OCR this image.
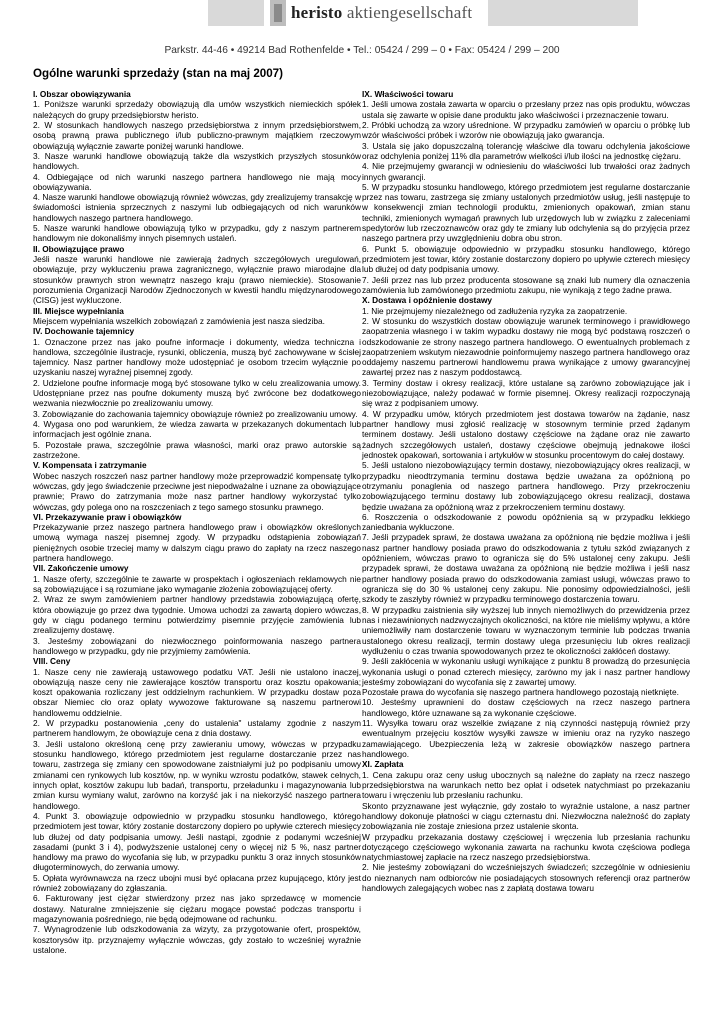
heristo aktiengesellschaft
Parkstr. 44-46 • 49214 Bad Rothenfelde • Tel.: 05424 / 299 – 0 • Fax: 05424 / 299 – 200
Ogólne warunki sprzedaży (stan na maj 2007)

I. Obszar obowiązywania

1. Poniższe warunki sprzedaży obowiązują dla umów wszystkich niemieckich spółek należących do grupy przedsiębiorstw heristo.

2. W stosunkach handlowych naszego przedsiębiorstwa z innym przedsiębiorstwem, osobą prawną prawa publicznego i/lub publiczno-prawnym majątkiem rzeczowym obowiązują wyłącznie zawarte poniżej warunki handlowe.

3. Nasze warunki handlowe obowiązują także dla wszystkich przyszłych stosunków handlowych.

4. Odbiegające od nich warunki naszego partnera handlowego nie mają mocy obowiązywania.

4. Nasze warunki handlowe obowiązują również wówczas, gdy zrealizujemy transakcję w świadomości istnienia sprzecznych z naszymi lub odbiegających od nich warunków handlowych naszego partnera handlowego.

5. Nasze warunki handlowe obowiązują tylko w przypadku, gdy z naszym partnerem handlowym nie dokonaliśmy innych pisemnych ustaleń.

II. Obowiązujące prawo

Jeśli nasze warunki handlowe nie zawierają żadnych szczegółowych uregulowań, obowiązuje, przy wykluczeniu prawa zagranicznego, wyłącznie prawo miarodajne dla stosunków prawnych stron wewnątrz naszego kraju (prawo niemieckie). Stosowanie porozumienia Organizacji Narodów Zjednoczonych w kwestii handlu międzynarodowego (CISG) jest wykluczone.

III. Miejsce wypełniania

Miejscem wypełniania wszelkich zobowiązań z zamówienia jest nasza siedziba.

IV. Dochowanie tajemnicy

1. Oznaczone przez nas jako poufne informacje i dokumenty, wiedza techniczna i handlowa, szczególnie ilustracje, rysunki, obliczenia, muszą być zachowywane w ścisłej tajemnicy. Nasz partner handlowy może udostępniać je osobom trzecim wyłącznie po uzyskaniu naszej wyraźnej pisemnej zgody.

2. Udzielone poufne informacje mogą być stosowane tylko w celu zrealizowania umowy. Udostępniane przez nas poufne dokumenty muszą być zwrócone bez dodatkowego wezwania niezwłocznie po zrealizowaniu umowy.

3. Zobowiązanie do zachowania tajemnicy obowiązuje również po zrealizowaniu umowy.

4. Wygasa ono pod warunkiem, że wiedza zawarta w przekazanych dokumentach lub informacjach jest ogólnie znana.

5. Pozostałe prawa, szczególnie prawa własności, marki oraz prawo autorskie są zastrzeżone.

V. Kompensata i zatrzymanie

Wobec naszych roszczeń nasz partner handlowy może przeprowadzić kompensatę tylko wówczas, gdy jego świadczenie przeciwne jest niepodważalne i uznane za obowiązujące prawnie; Prawo do zatrzymania może nasz partner handlowy wykorzystać tylko wówczas, gdy polega ono na roszczeniach z tego samego stosunku prawnego.

VI. Przekazywanie praw i obowiązków

Przekazywanie przez naszego partnera handlowego praw i obowiązków określonych umową wymaga naszej pisemnej zgody. W przypadku odstąpienia zobowiązań pieniężnych osobie trzeciej mamy w dalszym ciągu prawo do zapłaty na rzecz naszego partnera handlowego.

VII. Zakończenie umowy

1. Nasze oferty, szczególnie te zawarte w prospektach i ogłoszeniach reklamowych nie są zobowiązujące i są rozumiane jako wymaganie złożenia zobowiązującej oferty.

2. Wraz ze swym zamówieniem partner handlowy przedstawia zobowiązującą ofertę, która obowiązuje go przez dwa tygodnie. Umowa uchodzi za zawartą dopiero wówczas, gdy w ciągu podanego terminu potwierdzimy pisemnie przyjęcie zamówienia lub zrealizujemy dostawę.

3. Jesteśmy zobowiązani do niezwłocznego poinformowania naszego partnera handlowego w przypadku, gdy nie przyjmiemy zamówienia.

VIII. Ceny

1. Nasze ceny nie zawierają ustawowego podatku VAT. Jeśli nie ustalono inaczej, obowiązują nasze ceny nie zawierające kosztów transportu oraz kosztu opakowania; koszt opakowania rozliczany jest oddzielnym rachunkiem. W przypadku dostaw poza obszar Niemiec cło oraz opłaty wywozowe fakturowane są naszemu partnerowi handlowemu oddzielnie.

2. W przypadku postanowienia „ceny do ustalenia" ustalamy zgodnie z naszym partnerem handlowym, że obowiązuje cena z dnia dostawy.

3. Jeśli ustalono określoną cenę przy zawieraniu umowy, wówczas w przypadku stosunku handlowego, którego przedmiotem jest regularne dostarczanie przez nas towaru, zastrzega się zmiany cen spowodowane zaistniałymi już po podpisaniu umowy zmianami cen rynkowych lub kosztów, np. w wyniku wzrostu podatków, stawek celnych, innych opłat, kosztów zakupu lub badań, transportu, przeładunku i magazynowania lub zmian kursu wymiany walut, zarówno na korzyść jak i na niekorzyść naszego partnera handlowego.

4. Punkt 3. obowiązuje odpowiednio w przypadku stosunku handlowego, którego przedmiotem jest towar, który zostanie dostarczony dopiero po upływie czterech miesięcy lub dłużej od daty podpisania umowy. Jeśli nastąpi, zgodnie z podanymi wcześniej zasadami (punkt 3 i 4), podwyższenie ustalonej ceny o więcej niż 5 %, nasz partner handlowy ma prawo do wycofania się lub, w przypadku punktu 3 oraz innych stosunków długoterminowych, do zerwania umowy.

5. Opłata wyrównawcza na rzecz ubojni musi być opłacana przez kupującego, który jest również zobowiązany do zgłaszania.

6. Fakturowany jest ciężar stwierdzony przez nas jako sprzedawcę w momencie dostawy. Naturalne zmniejszenie się ciężaru mogące powstać podczas transportu i magazynowania pośredniego, nie będą odejmowane od rachunku.

7. Wynagrodzenie lub odszkodowania za wizyty, za przygotowanie ofert, prospektów, kosztorysów itp. przyznajemy wyłącznie wówczas, gdy zostało to wcześniej wyraźnie ustalone.

IX. Właściwości towaru

1. Jeśli umowa została zawarta w oparciu o przesłany przez nas opis produktu, wówczas ustala się zawarte w opisie dane produktu jako właściwości i przeznaczenie towaru.

2. Próbki uchodzą za wzory uśrednione. W przypadku zamówień w oparciu o próbkę lub wzór właściwości próbek i wzorów nie obowiązują jako gwarancja.

3. Ustala się jako dopuszczalną tolerancję właściwe dla towaru odchylenia jakościowe oraz odchylenia poniżej 11% dla parametrów wielkości i/lub ilości na jednostkę ciężaru.

4. Nie przejmujemy gwarancji w odniesieniu do właściwości lub trwałości oraz żadnych innych gwarancji.

5. W przypadku stosunku handlowego, którego przedmiotem jest regularne dostarczanie przez nas towaru, zastrzega się zmiany ustalonych przedmiotów usług, jeśli następuje to w konsekwencji zmian technologii produktu, zmienionych opakowań, zmian stanu techniki, zmienionych wymagań prawnych lub urzędowych lub w związku z zaleceniami spedytorów lub rzeczoznawców oraz gdy te zmiany lub odchylenia są do przyjęcia przez naszego partnera przy uwzględnieniu dobra obu stron.

6. Punkt 5. obowiązuje odpowiednio w przypadku stosunku handlowego, którego przedmiotem jest towar, który zostanie dostarczony dopiero po upływie czterech miesięcy lub dłużej od daty podpisania umowy.

7. Jeśli przez nas lub przez producenta stosowane są znaki lub numery dla oznaczenia zamówienia lub zamówionego przedmiotu zakupu, nie wynikają z tego żadne prawa.

X. Dostawa i opóźnienie dostawy

1. Nie przejmujemy niezależnego od zadłużenia ryzyka za zaopatrzenie.

2. W stosunku do wszystkich dostaw obowiązuje warunek terminowego i prawidłowego zaopatrzenia własnego i w takim wypadku dostawy nie mogą być podstawą roszczeń o odszkodowanie ze strony naszego partnera handlowego. O ewentualnych problemach z zaopatrzeniem wskutym niezawodnie poinformujemy naszego partnera handlowego oraz oddajemy naszemu partnerowi handlowemu prawa wynikające z umowy gwarancyjnej zawartej przez nas z naszym poddostawcą.

3. Terminy dostaw i okresy realizacji, które ustalane są zarówno zobowiązujące jak i niezobowiązujące, należy podawać w formie pisemnej. Okresy realizacji rozpoczynają się wraz z podpisaniem umowy.

4. W przypadku umów, których przedmiotem jest dostawa towarów na żądanie, nasz partner handlowy musi zgłosić realizację w stosownym terminie przed żądanym terminem dostawy. Jeśli ustalono dostawy częściowe na żądane oraz nie zawarto żadnych szczegółowych ustaleń, dostawy częściowe obejmują jednakowe ilości jednostek opakowań, sortowania i artykułów w stosunku procentowym do całej dostawy.

5. Jeśli ustalono niezobowiązujący termin dostawy, niezobowiązujący okres realizacji, w przypadku nieodtrzymania terminu dostawa będzie uważana za opóźnioną po otrzymaniu ponaglenia od naszego partnera handlowego. Przy przekroczeniu zobowiązującego terminu dostawy lub zobowiązującego okresu realizacji, dostawa będzie uważana za opóźnioną wraz z przekroczeniem terminu dostawy.

6. Roszczenia o odszkodowanie z powodu opóźnienia są w przypadku lekkiego zaniedbania wykluczone.

7. Jeśli przypadek sprawi, że dostawa uważana za opóźnioną nie będzie możliwa i jeśli nasz partner handlowy posiada prawo do odszkodowania z tytułu szkód związanych z opóźnieniem, wówczas prawo to ogranicza się do 5% ustalonej ceny zakupu. Jeśli przypadek sprawi, że dostawa uważana za opóźnioną nie będzie możliwa i jeśli nasz partner handlowy posiada prawo do odszkodowania zamiast usługi, wówczas prawo to ogranicza się do 30 % ustalonej ceny zakupu. Nie ponosimy odpowiedzialności, jeśli szkody te zaszłyby również w przypadku terminowego dostarczenia towaru.

8. W przypadku zaistnienia siły wyższej lub innych niemożliwych do przewidzenia przez nas i niezawinionych nadzwyczajnych okoliczności, na które nie mieliśmy wpływu, a które uniemożliwiły nam dostarczenie towaru w wyznaczonym terminie lub podczas trwania ustalonego okresu realizacji, termin dostawy ulega przesunięciu lub okres realizacji wydłużeniu o czas trwania spowodowanych przez te okoliczności zakłóceń dostawy.

9. Jeśli zakłócenia w wykonaniu usługi wynikające z punktu 8 prowadzą do przesunięcia wykonania usługi o ponad czterech miesięcy, zarówno my jak i nasz partner handlowy jesteśmy zobowiązani do wycofania się z zawartej umowy.

Pozostałe prawa do wycofania się naszego partnera handlowego pozostają nietknięte.

10. Jesteśmy uprawnieni do dostaw częściowych na rzecz naszego partnera handlowego, które uznawane są za wykonanie częściowe.

11. Wysyłka towaru oraz wszelkie związane z nią czynności następują również przy ewentualnym przejęciu kosztów wysyłki zawsze w imieniu oraz na ryzyko naszego zamawiającego. Ubezpieczenia leżą w zakresie obowiązków naszego partnera handlowego.

XI. Zapłata

1. Cena zakupu oraz ceny usług ubocznych są należne do zapłaty na rzecz naszego przedsiębiorstwa na warunkach netto bez opłat i odsetek natychmiast po przekazaniu towaru i wręczeniu lub przesłaniu rachunku.

Skonto przyznawane jest wyłącznie, gdy zostało to wyraźnie ustalone, a nasz partner handlowy dokonuje płatności w ciągu czternastu dni. Niezwłoczna należność do zapłaty zobowiązania nie zostaje zniesiona przez ustalenie skonta.

W przypadku przekazania dostawy częściowej i wręczenia lub przesłania rachunku dotyczącego częściowego wykonania zawarta na rachunku kwota częściowa podlega natychmiastowej zapłacie na rzecz naszego przedsiębiorstwa.

2. Nie jesteśmy zobowiązani do wcześniejszych świadczeń; szczególnie w odniesieniu do nieznanych nam odbiorców nie posiadających stosownych referencji oraz partnerów handlowych zalegających wobec nas z zapłatą dostawa towaru
